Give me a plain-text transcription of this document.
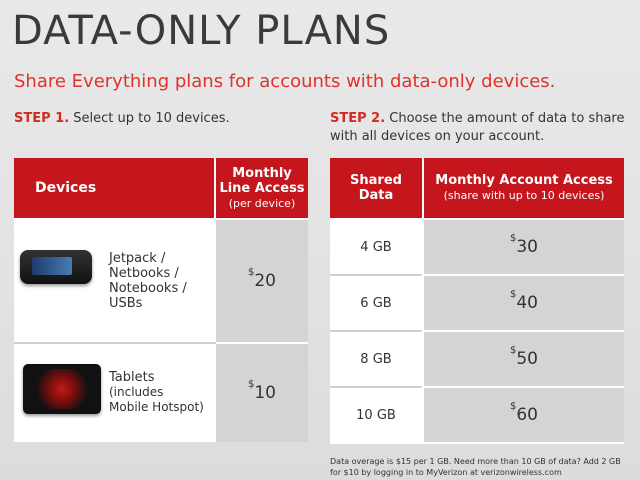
DATA-ONLY PLANS
Share Everything plans for accounts with data-only devices.
STEP 1. Select up to 10 devices.	STEP 2. Choose the amount of data to share with all devices on your account.
Devices
Monthly
Line Access
(per device)
$20
$10
Jetpack /
Netbooks /
Notebooks /
USBs
Tablets
(includes
Mobile Hotspot)
Shared
Data
Monthly Account Access
(share with up to 10 devices)
4 GB
$30
6 GB
$40
8 GB
$50
10 GB
$60
Data overage is $15 per 1 GB. Need more than 10 GB of data? Add 2 GB for $10 by logging in to MyVerizon at verizonwireless.com
